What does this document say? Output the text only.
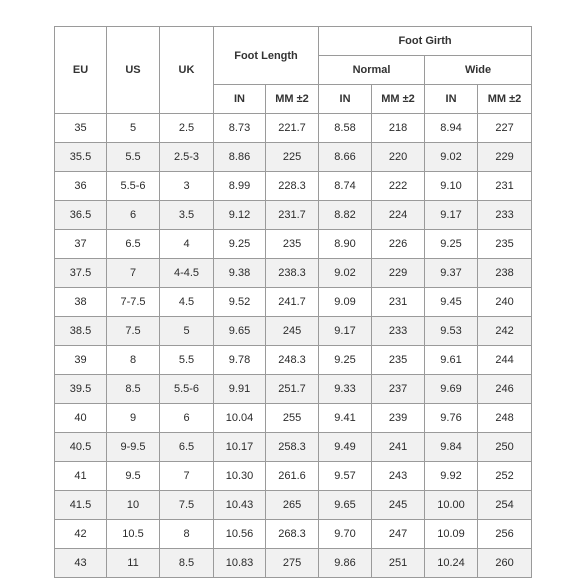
EU	US	UK	Foot Length		Foot Girth			
					Normal		Wide	
			IN	MM ±2	IN	MM ±2	IN	MM ±2
35	5	2.5	8.73	221.7	8.58	218	8.94	227
35.5	5.5	2.5-3	8.86	225	8.66	220	9.02	229
36	5.5-6	3	8.99	228.3	8.74	222	9.10	231
36.5	6	3.5	9.12	231.7	8.82	224	9.17	233
37	6.5	4	9.25	235	8.90	226	9.25	235
37.5	7	4-4.5	9.38	238.3	9.02	229	9.37	238
38	7-7.5	4.5	9.52	241.7	9.09	231	9.45	240
38.5	7.5	5	9.65	245	9.17	233	9.53	242
39	8	5.5	9.78	248.3	9.25	235	9.61	244
39.5	8.5	5.5-6	9.91	251.7	9.33	237	9.69	246
40	9	6	10.04	255	9.41	239	9.76	248
40.5	9-9.5	6.5	10.17	258.3	9.49	241	9.84	250
41	9.5	7	10.30	261.6	9.57	243	9.92	252
41.5	10	7.5	10.43	265	9.65	245	10.00	254
42	10.5	8	10.56	268.3	9.70	247	10.09	256
43	11	8.5	10.83	275	9.86	251	10.24	260
